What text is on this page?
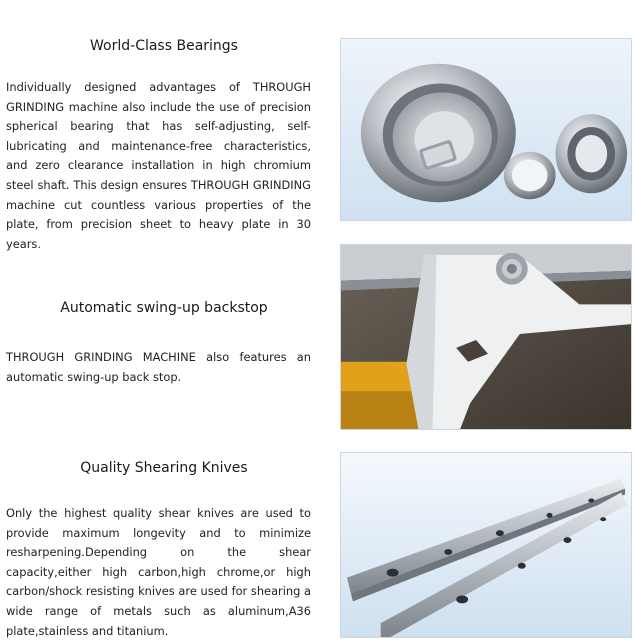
World-Class Bearings

Individually designed advantages of THROUGH GRINDING machine also include the use of precision spherical bearing that has self-adjusting, self-lubricating and maintenance-free characteristics, and zero clearance installation in high chromium steel shaft. This design ensures THROUGH GRINDING machine cut countless various properties of the plate, from precision sheet to heavy plate in 30 years.

Automatic swing-up backstop

THROUGH GRINDING MACHINE also features an automatic swing-up back stop.

Quality Shearing Knives

Only the highest quality shear knives are used to provide maximum longevity and to minimize resharpening.Depending on the shear capacity,either high carbon,high chrome,or high carbon/shock resisting knives are used for shearing a wide range of metals such as aluminum,A36 plate,stainless and titanium.
